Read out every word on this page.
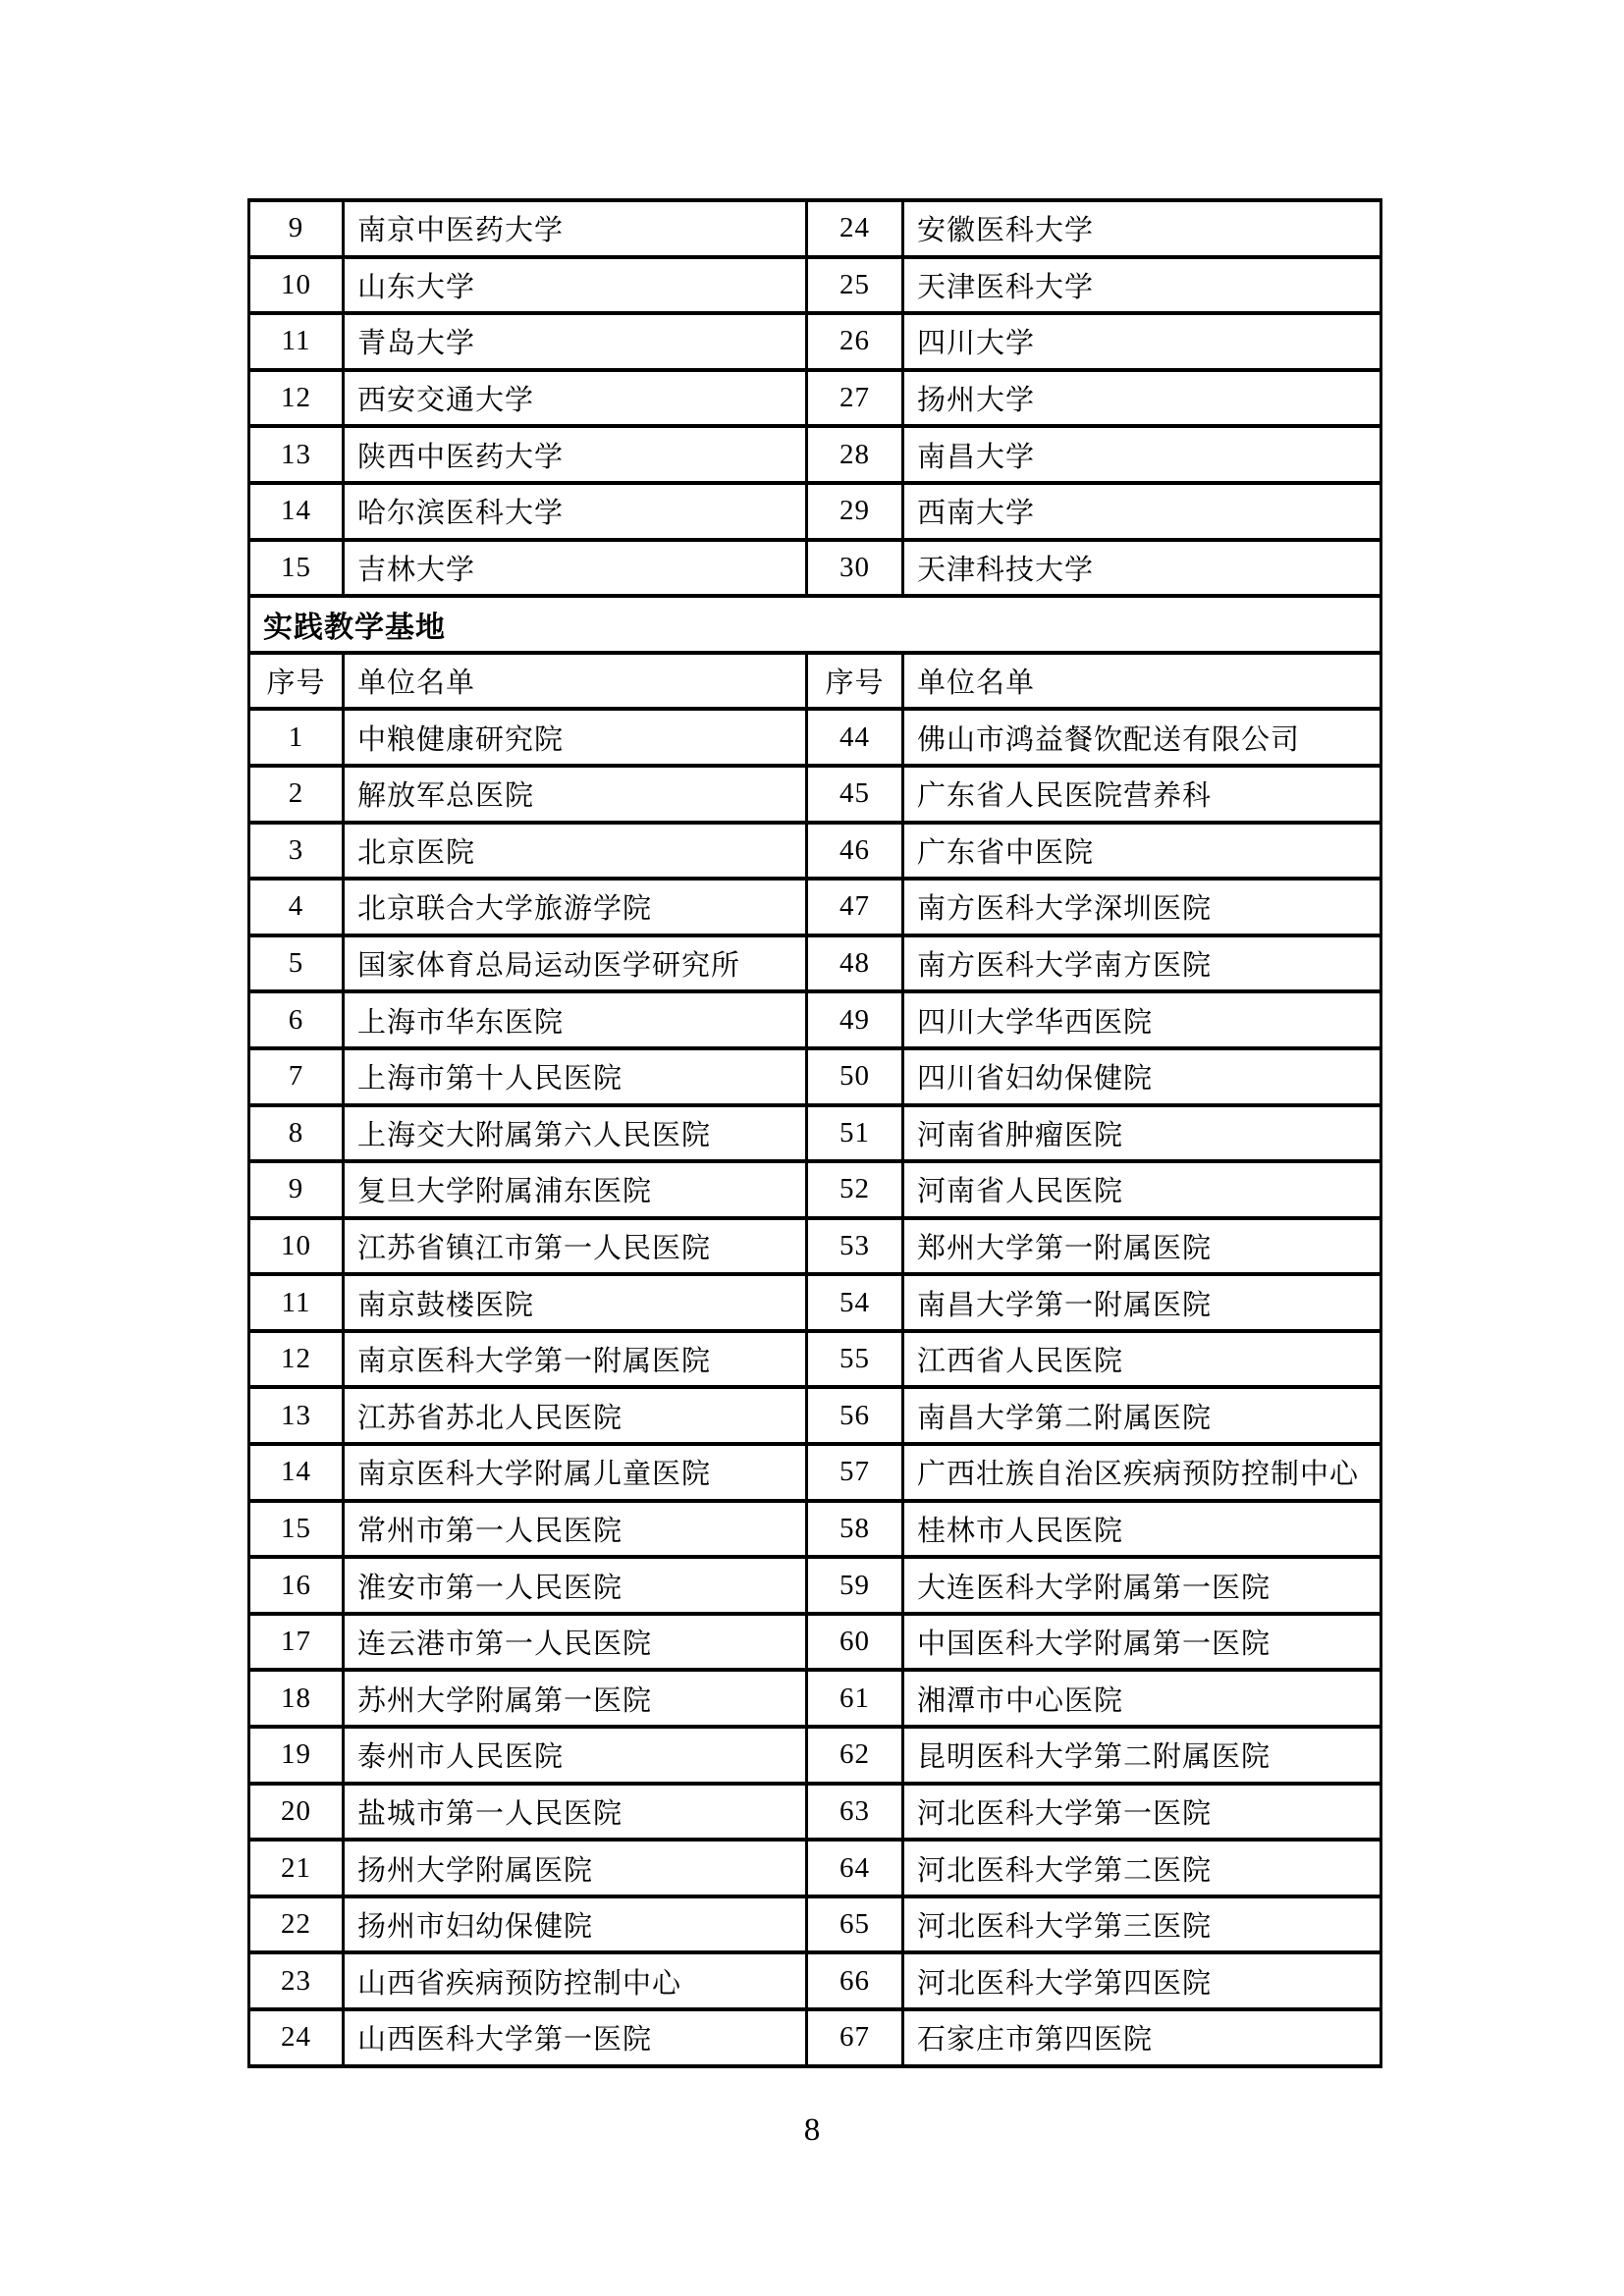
9	南京中医药大学	24	安徽医科大学
10	山东大学	25	天津医科大学
11	青岛大学	26	四川大学
12	西安交通大学	27	扬州大学
13	陕西中医药大学	28	南昌大学
14	哈尔滨医科大学	29	西南大学
15	吉林大学	30	天津科技大学
实践教学基地			
序号	单位名单	序号	单位名单
1	中粮健康研究院	44	佛山市鸿益餐饮配送有限公司
2	解放军总医院	45	广东省人民医院营养科
3	北京医院	46	广东省中医院
4	北京联合大学旅游学院	47	南方医科大学深圳医院
5	国家体育总局运动医学研究所	48	南方医科大学南方医院
6	上海市华东医院	49	四川大学华西医院
7	上海市第十人民医院	50	四川省妇幼保健院
8	上海交大附属第六人民医院	51	河南省肿瘤医院
9	复旦大学附属浦东医院	52	河南省人民医院
10	江苏省镇江市第一人民医院	53	郑州大学第一附属医院
11	南京鼓楼医院	54	南昌大学第一附属医院
12	南京医科大学第一附属医院	55	江西省人民医院
13	江苏省苏北人民医院	56	南昌大学第二附属医院
14	南京医科大学附属儿童医院	57	广西壮族自治区疾病预防控制中心
15	常州市第一人民医院	58	桂林市人民医院
16	淮安市第一人民医院	59	大连医科大学附属第一医院
17	连云港市第一人民医院	60	中国医科大学附属第一医院
18	苏州大学附属第一医院	61	湘潭市中心医院
19	泰州市人民医院	62	昆明医科大学第二附属医院
20	盐城市第一人民医院	63	河北医科大学第一医院
21	扬州大学附属医院	64	河北医科大学第二医院
22	扬州市妇幼保健院	65	河北医科大学第三医院
23	山西省疾病预防控制中心	66	河北医科大学第四医院
24	山西医科大学第一医院	67	石家庄市第四医院
8
